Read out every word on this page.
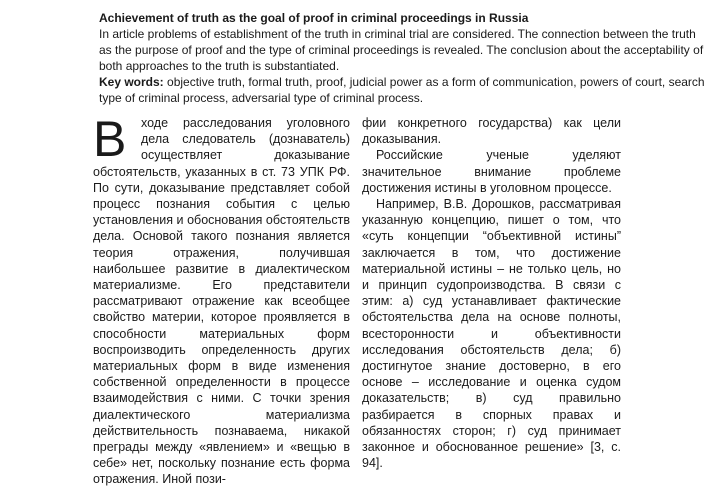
Achievement of truth as the goal of proof in criminal proceedings in Russia

In article problems of establishment of the truth in criminal trial are considered. The connection between the truth as the purpose of proof and the type of criminal proceedings is revealed. The conclusion about the acceptability of both approaches to the truth is substantiated.

Key words: objective truth, formal truth, proof, judicial power as a form of communication, powers of court, search type of criminal process, adversarial type of criminal process.

В	ходе расследования уголовного дела следователь (дознаватель) осуществляет доказывание обстоятельств, указанных в ст. 73 УПК РФ. По сути, доказывание представляет собой процесс познания события с целью установления и обоснования обстоятельств дела. Основой такого познания является теория отражения, получившая наибольшее развитие в диалектическом материализме. Его представители рассматривают отражение как всеобщее свойство материи, которое проявляется в способности материальных форм воспроизводить определенность других материальных форм в виде изменения собственной определенности в процессе взаимодействия с ними. С точки зрения диалектического материализма действительность познаваема, никакой преграды между «явлением» и «вещью в себе» нет, поскольку познание есть форма отражения. Иной пози-

фии конкретного государства) как цели доказывания.

Российские ученые уделяют значительное внимание проблеме достижения истины в уголовном процессе.

Например, В.В. Дорошков, рассматривая указанную концепцию, пишет о том, что «суть концепции “объективной истины” заключается в том, что достижение материальной истины – не только цель, но и принцип судопроизводства. В связи с этим: а) суд устанавливает фактические обстоятельства дела на основе полноты, всесторонности и объективности исследования обстоятельств дела; б) достигнутое знание достоверно, в его основе – исследование и оценка судом доказательств; в) суд правильно разбирается в спорных правах и обязанностях сторон; г) суд принимает законное и обоснованное решение» [3, с. 94].
